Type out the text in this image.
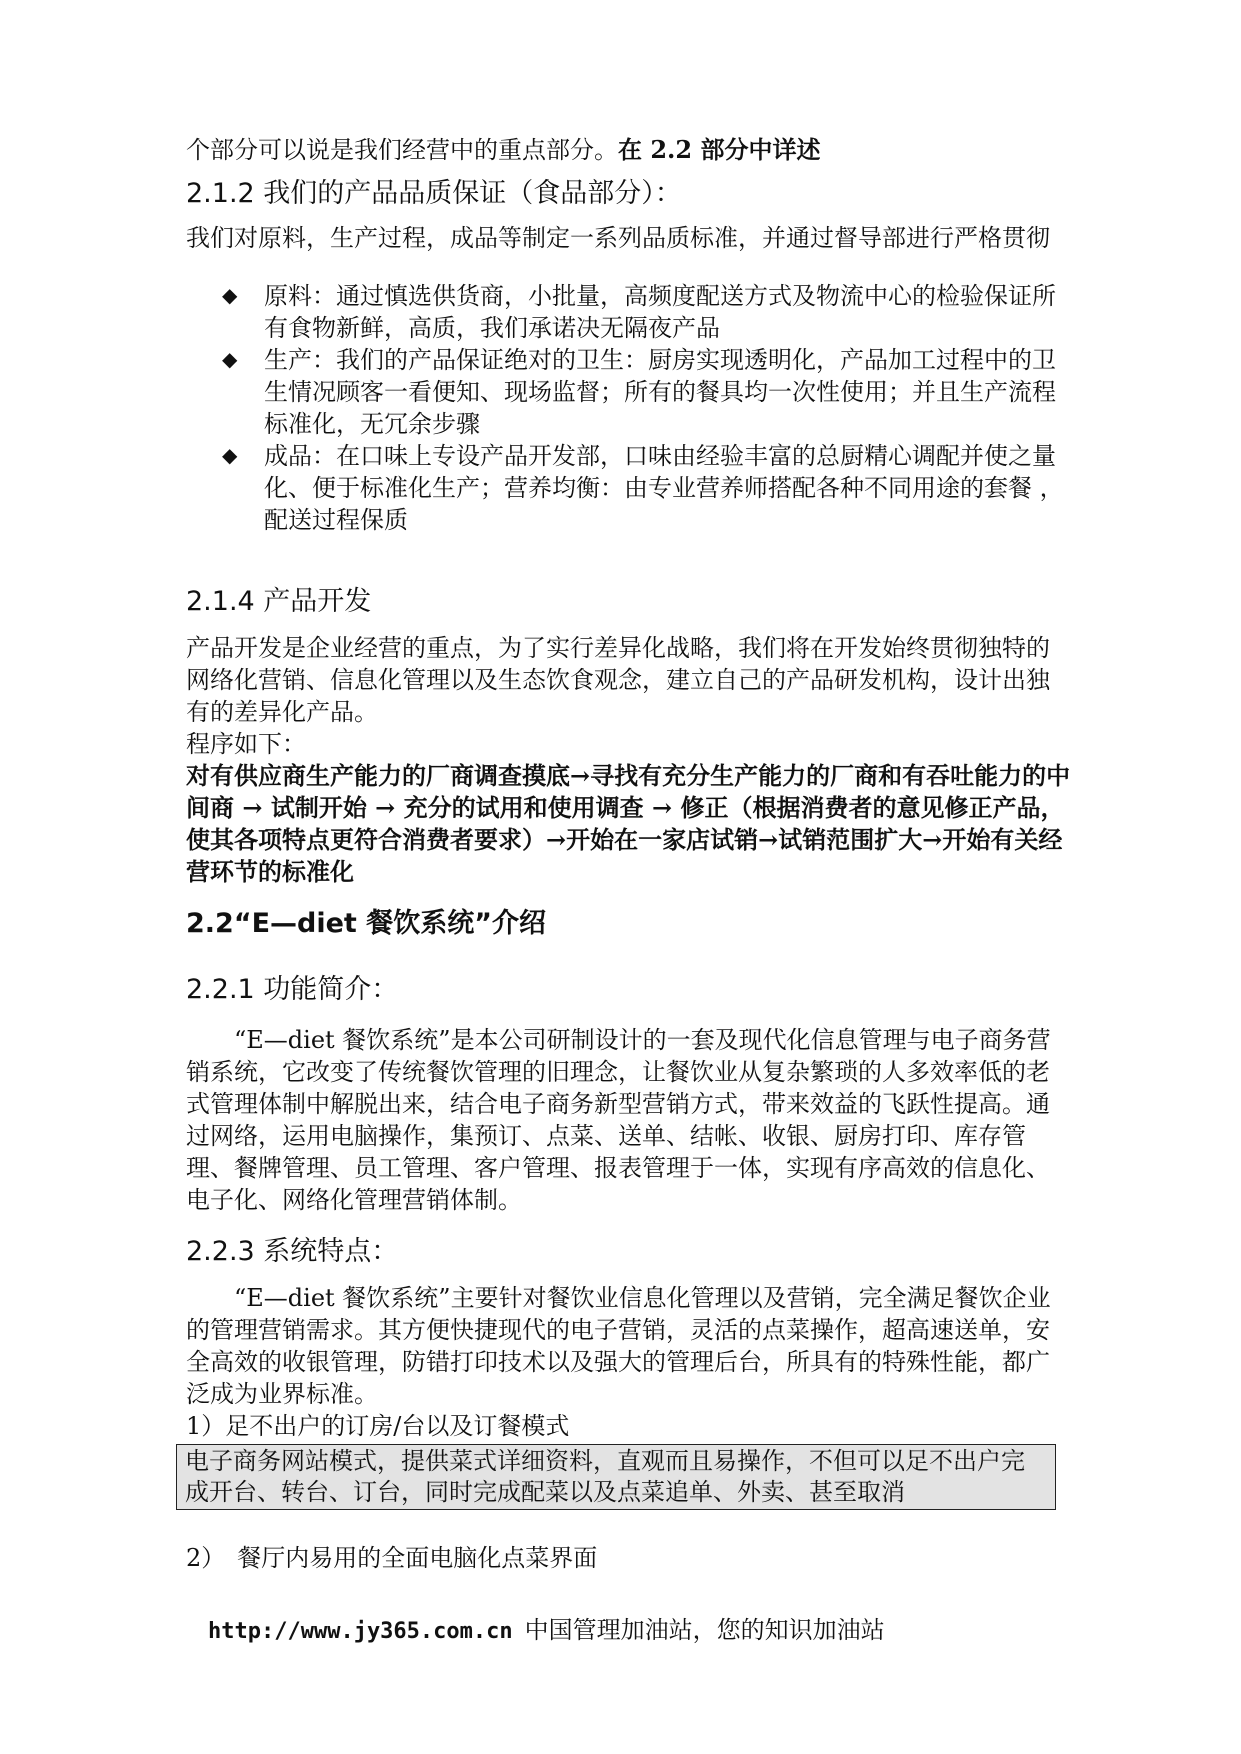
个部分可以说是我们经营中的重点部分。在 2.2 部分中详述

2.1.2 我们的产品品质保证（食品部分）：

我们对原料，生产过程，成品等制定一系列品质标准，并通过督导部进行严格贯彻

◆ 原料：通过慎选供货商，小批量，高频度配送方式及物流中心的检验保证所有食物新鲜，高质，我们承诺决无隔夜产品
◆ 生产：我们的产品保证绝对的卫生：厨房实现透明化，产品加工过程中的卫生情况顾客一看便知、现场监督；所有的餐具均一次性使用；并且生产流程标准化，无冗余步骤
◆ 成品：在口味上专设产品开发部，口味由经验丰富的总厨精心调配并使之量化、便于标准化生产；营养均衡：由专业营养师搭配各种不同用途的套餐 ，配送过程保质
2.1.4 产品开发

产品开发是企业经营的重点，为了实行差异化战略，我们将在开发始终贯彻独特的网络化营销、信息化管理以及生态饮食观念，建立自己的产品研发机构，设计出独有的差异化产品。

程序如下：

对有供应商生产能力的厂商调查摸底→寻找有充分生产能力的厂商和有吞吐能力的中间商 → 试制开始 → 充分的试用和使用调查 → 修正（根据消费者的意见修正产品，使其各项特点更符合消费者要求）→开始在一家店试销→试销范围扩大→开始有关经营环节的标准化

2.2“E—diet 餐饮系统”介绍
2.2.1 功能简介：

“E—diet 餐饮系统”是本公司研制设计的一套及现代化信息管理与电子商务营销系统，它改变了传统餐饮管理的旧理念，让餐饮业从复杂繁琐的人多效率低的老式管理体制中解脱出来，结合电子商务新型营销方式，带来效益的飞跃性提高。通过网络，运用电脑操作，集预订、点菜、送单、结帐、收银、厨房打印、库存管理、餐牌管理、员工管理、客户管理、报表管理于一体，实现有序高效的信息化、电子化、网络化管理营销体制。

2.2.3 系统特点：

“E—diet 餐饮系统”主要针对餐饮业信息化管理以及营销，完全满足餐饮企业的管理营销需求。其方便快捷现代的电子营销，灵活的点菜操作，超高速送单，安全高效的收银管理，防错打印技术以及强大的管理后台，所具有的特殊性能，都广泛成为业界标准。

1）足不出户的订房/台以及订餐模式

电子商务网站模式，提供菜式详细资料，直观而且易操作，不但可以足不出户完成开台、转台、订台，同时完成配菜以及点菜追单、外卖、甚至取消

2）　餐厅内易用的全面电脑化点菜界面

http://www.jy365.com.cn 中国管理加油站，您的知识加油站
